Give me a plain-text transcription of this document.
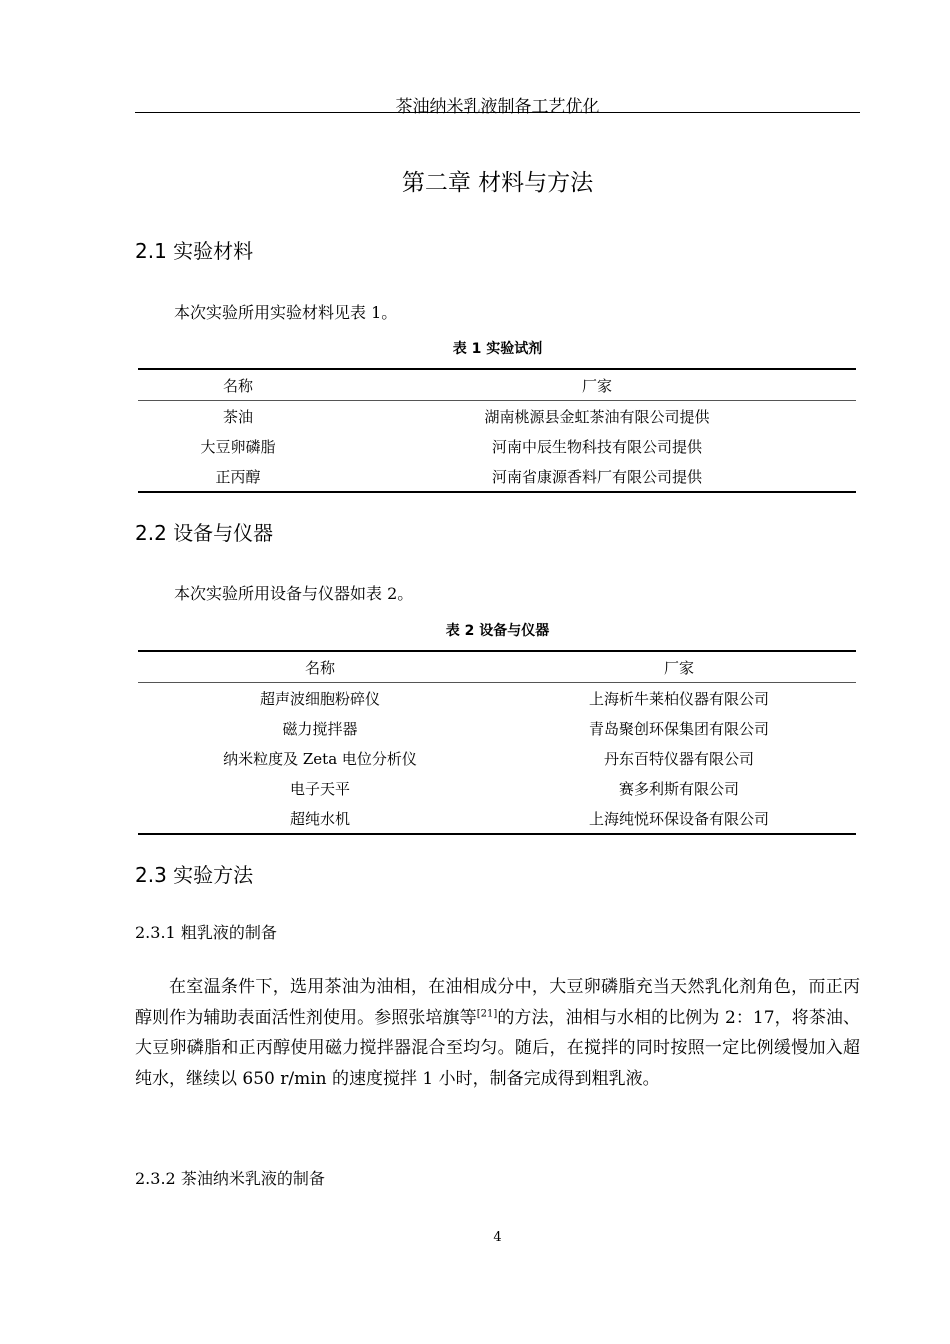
茶油纳米乳液制备工艺优化
第二章 材料与方法
2.1 实验材料
本次实验所用实验材料见表 1。
表 1 实验试剂
名称	厂家
茶油	湖南桃源县金虹茶油有限公司提供
大豆卵磷脂	河南中辰生物科技有限公司提供
正丙醇	河南省康源香料厂有限公司提供
2.2 设备与仪器
本次实验所用设备与仪器如表 2。
表 2 设备与仪器
名称	厂家
超声波细胞粉碎仪	上海析牛莱柏仪器有限公司
磁力搅拌器	青岛聚创环保集团有限公司
纳米粒度及 Zeta 电位分析仪	丹东百特仪器有限公司
电子天平	赛多利斯有限公司
超纯水机	上海纯悦环保设备有限公司
2.3 实验方法
2.3.1 粗乳液的制备

在室温条件下，选用茶油为油相，在油相成分中，大豆卵磷脂充当天然乳化剂角色，而正丙醇则作为辅助表面活性剂使用。参照张培旗等[21]的方法，油相与水相的比例为 2：17，将茶油、大豆卵磷脂和正丙醇使用磁力搅拌器混合至均匀。随后，在搅拌的同时按照一定比例缓慢加入超纯水，继续以 650 r/min 的速度搅拌 1 小时，制备完成得到粗乳液。

2.3.2 茶油纳米乳液的制备
4
